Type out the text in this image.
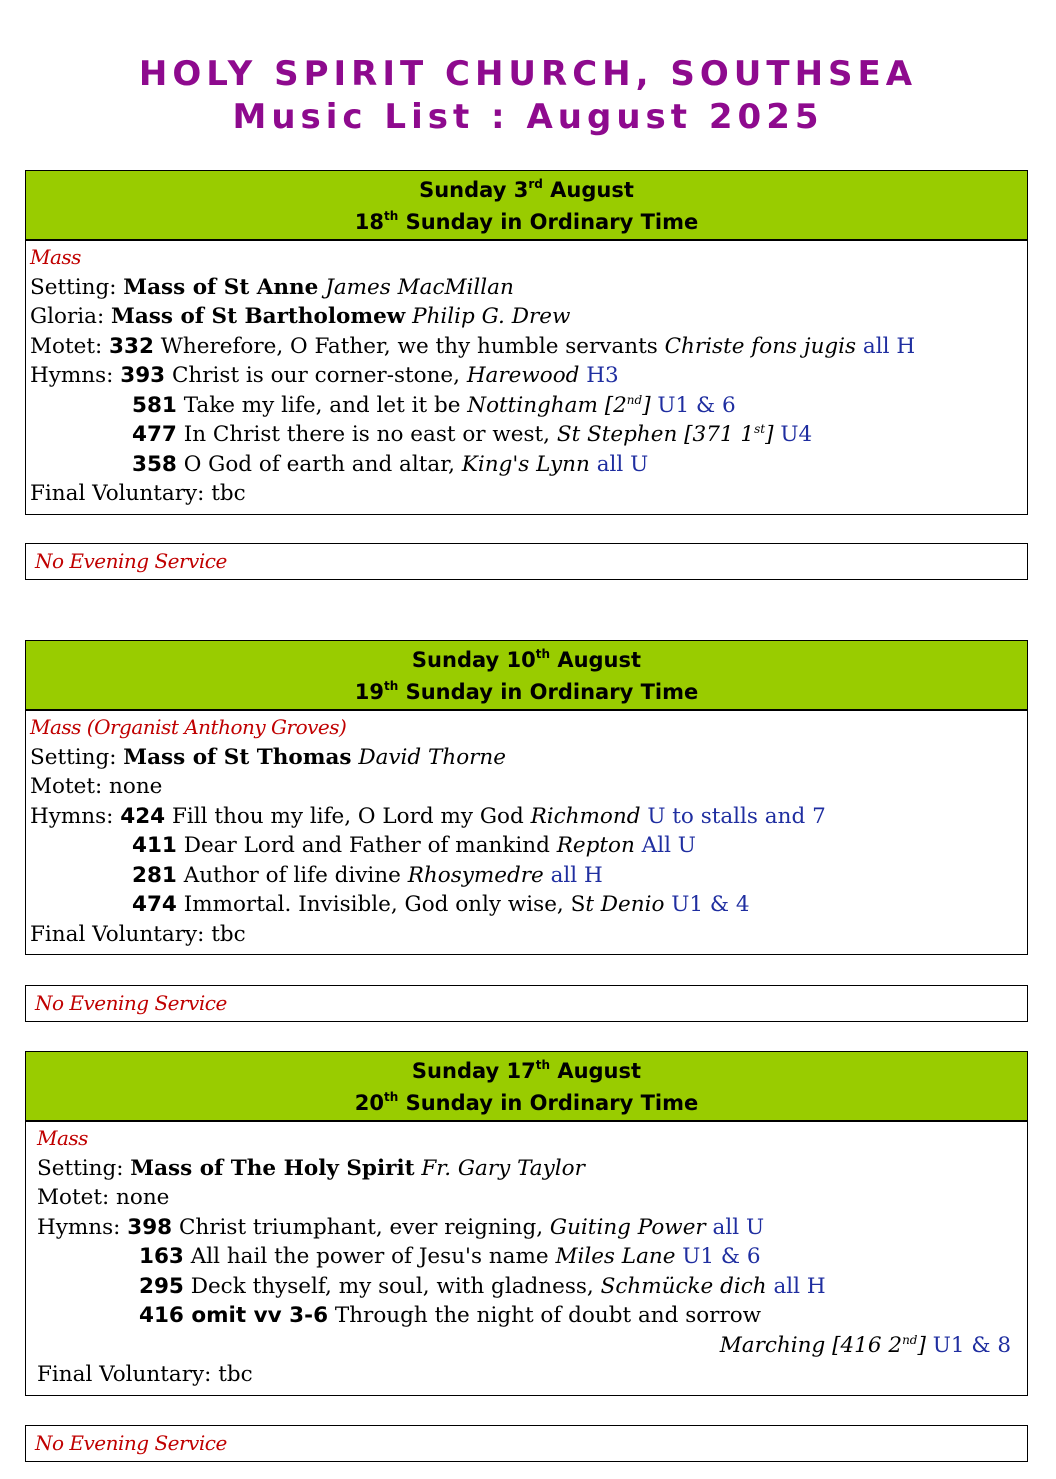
HOLY SPIRIT CHURCH, SOUTHSEA
Music List : August 2025
Sunday 3rd August
18th Sunday in Ordinary Time
Mass
Setting: Mass of St Anne James MacMillan
Gloria: Mass of St Bartholomew Philip G. Drew
Motet: 332 Wherefore, O Father, we thy humble servants Christe fons jugis all H
Hymns: 393 Christ is our corner-stone, Harewood H3
581 Take my life, and let it be Nottingham [2nd] U1 & 6
477 In Christ there is no east or west, St Stephen [371 1st] U4
358 O God of earth and altar, King's Lynn all U
Final Voluntary: tbc
No Evening Service
Sunday 10th August
19th Sunday in Ordinary Time
Mass (Organist Anthony Groves)
Setting: Mass of St Thomas David Thorne
Motet: none
Hymns: 424 Fill thou my life, O Lord my God Richmond U to stalls and 7
411 Dear Lord and Father of mankind Repton All U
281 Author of life divine Rhosymedre all H
474 Immortal. Invisible, God only wise, St Denio U1 & 4
Final Voluntary: tbc
No Evening Service
Sunday 17th August
20th Sunday in Ordinary Time
Mass
Setting: Mass of The Holy Spirit Fr. Gary Taylor
Motet: none
Hymns: 398 Christ triumphant, ever reigning, Guiting Power all U
163 All hail the power of Jesu's name Miles Lane U1 & 6
295 Deck thyself, my soul, with gladness, Schmücke dich all H
416 omit vv 3-6 Through the night of doubt and sorrow
Marching [416 2nd] U1 & 8
Final Voluntary: tbc
No Evening Service
